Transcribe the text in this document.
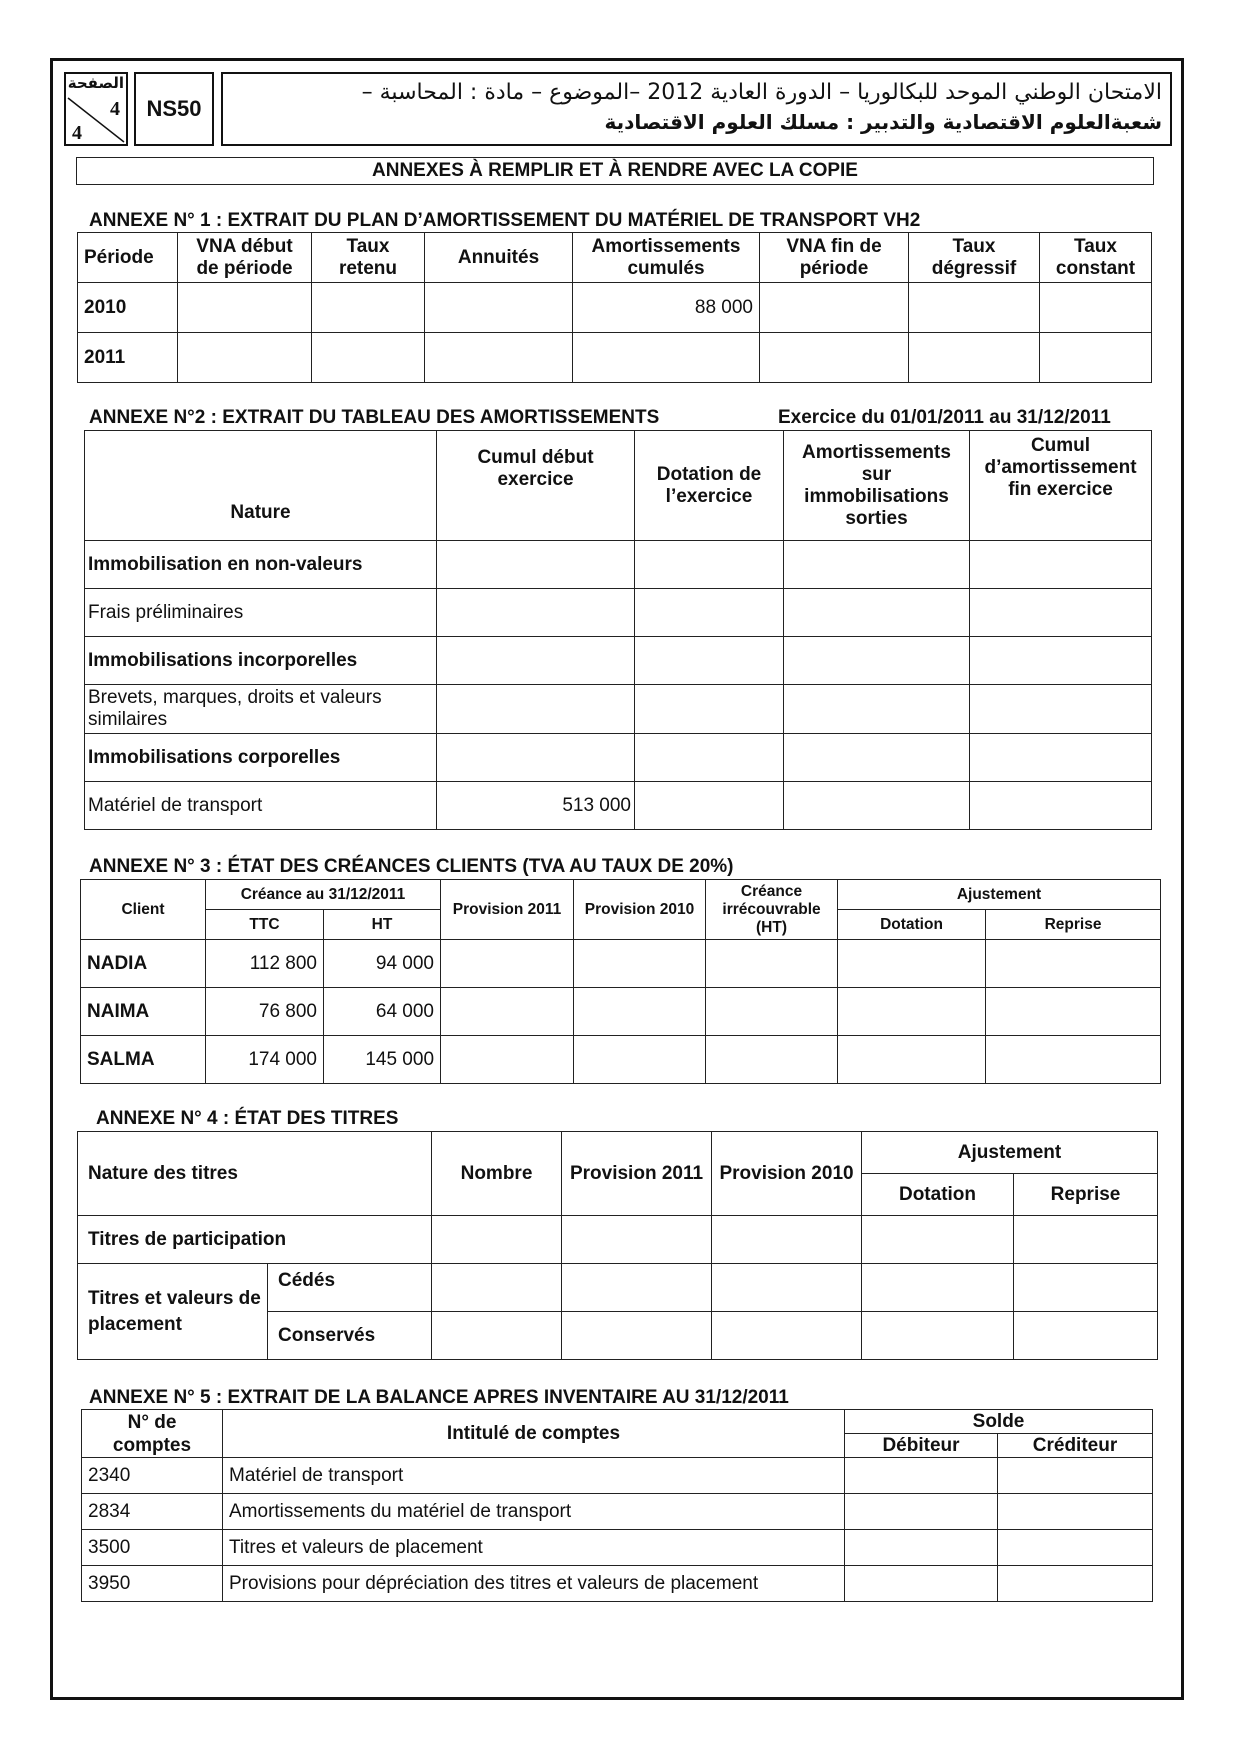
الصفحة
4
4
NS50
الامتحان الوطني الموحد للبكالوريا – الدورة العادية 2012 –الموضوع – مادة : المحاسبة –
شعبةالعلوم الاقتصادية والتدبير : مسلك العلوم الاقتصادية
ANNEXES À REMPLIR ET À RENDRE AVEC LA COPIE
ANNEXE N° 1 : EXTRAIT DU PLAN D’AMORTISSEMENT DU MATÉRIEL DE TRANSPORT VH2
Période	VNA début de période	Taux retenu	Annuités	Amortissements cumulés	VNA fin de période	Taux dégressif	Taux constant
2010				88 000			
2011							
ANNEXE N°2 : EXTRAIT DU TABLEAU DES AMORTISSEMENTS	Exercice du 01/01/2011 au 31/12/2011
Nature	Cumul début exercice	Dotation de l’exercice	Amortissements sur immobilisations sorties	Cumul d’amortissement fin exercice
Immobilisation en non-valeurs				
Frais préliminaires				
Immobilisations incorporelles				
Brevets, marques, droits et valeurs similaires				
Immobilisations corporelles				
Matériel de transport	513 000			
ANNEXE N° 3 : ÉTAT DES CRÉANCES CLIENTS (TVA AU TAUX DE 20%)
Client	Créance au 31/12/2011		Provision 2011	Provision 2010	Créance irrécouvrable (HT)	Ajustement	
	TTC	HT				Dotation	Reprise
NADIA	112 800	94 000					
NAIMA	76 800	64 000					
SALMA	174 000	145 000					
ANNEXE N° 4 : ÉTAT DES TITRES
Nature des titres		Nombre	Provision 2011	Provision 2010	Ajustement	
					Dotation	Reprise
Titres de participation						
Titres et valeurs de placement	Cédés					
	Conservés					
ANNEXE N° 5 : EXTRAIT DE LA BALANCE APRES INVENTAIRE AU 31/12/2011
N° de comptes	Intitulé de comptes	Solde	
		Débiteur	Créditeur
2340	Matériel de transport		
2834	Amortissements du matériel de transport		
3500	Titres et valeurs de placement		
3950	Provisions pour dépréciation des titres et valeurs de placement		
